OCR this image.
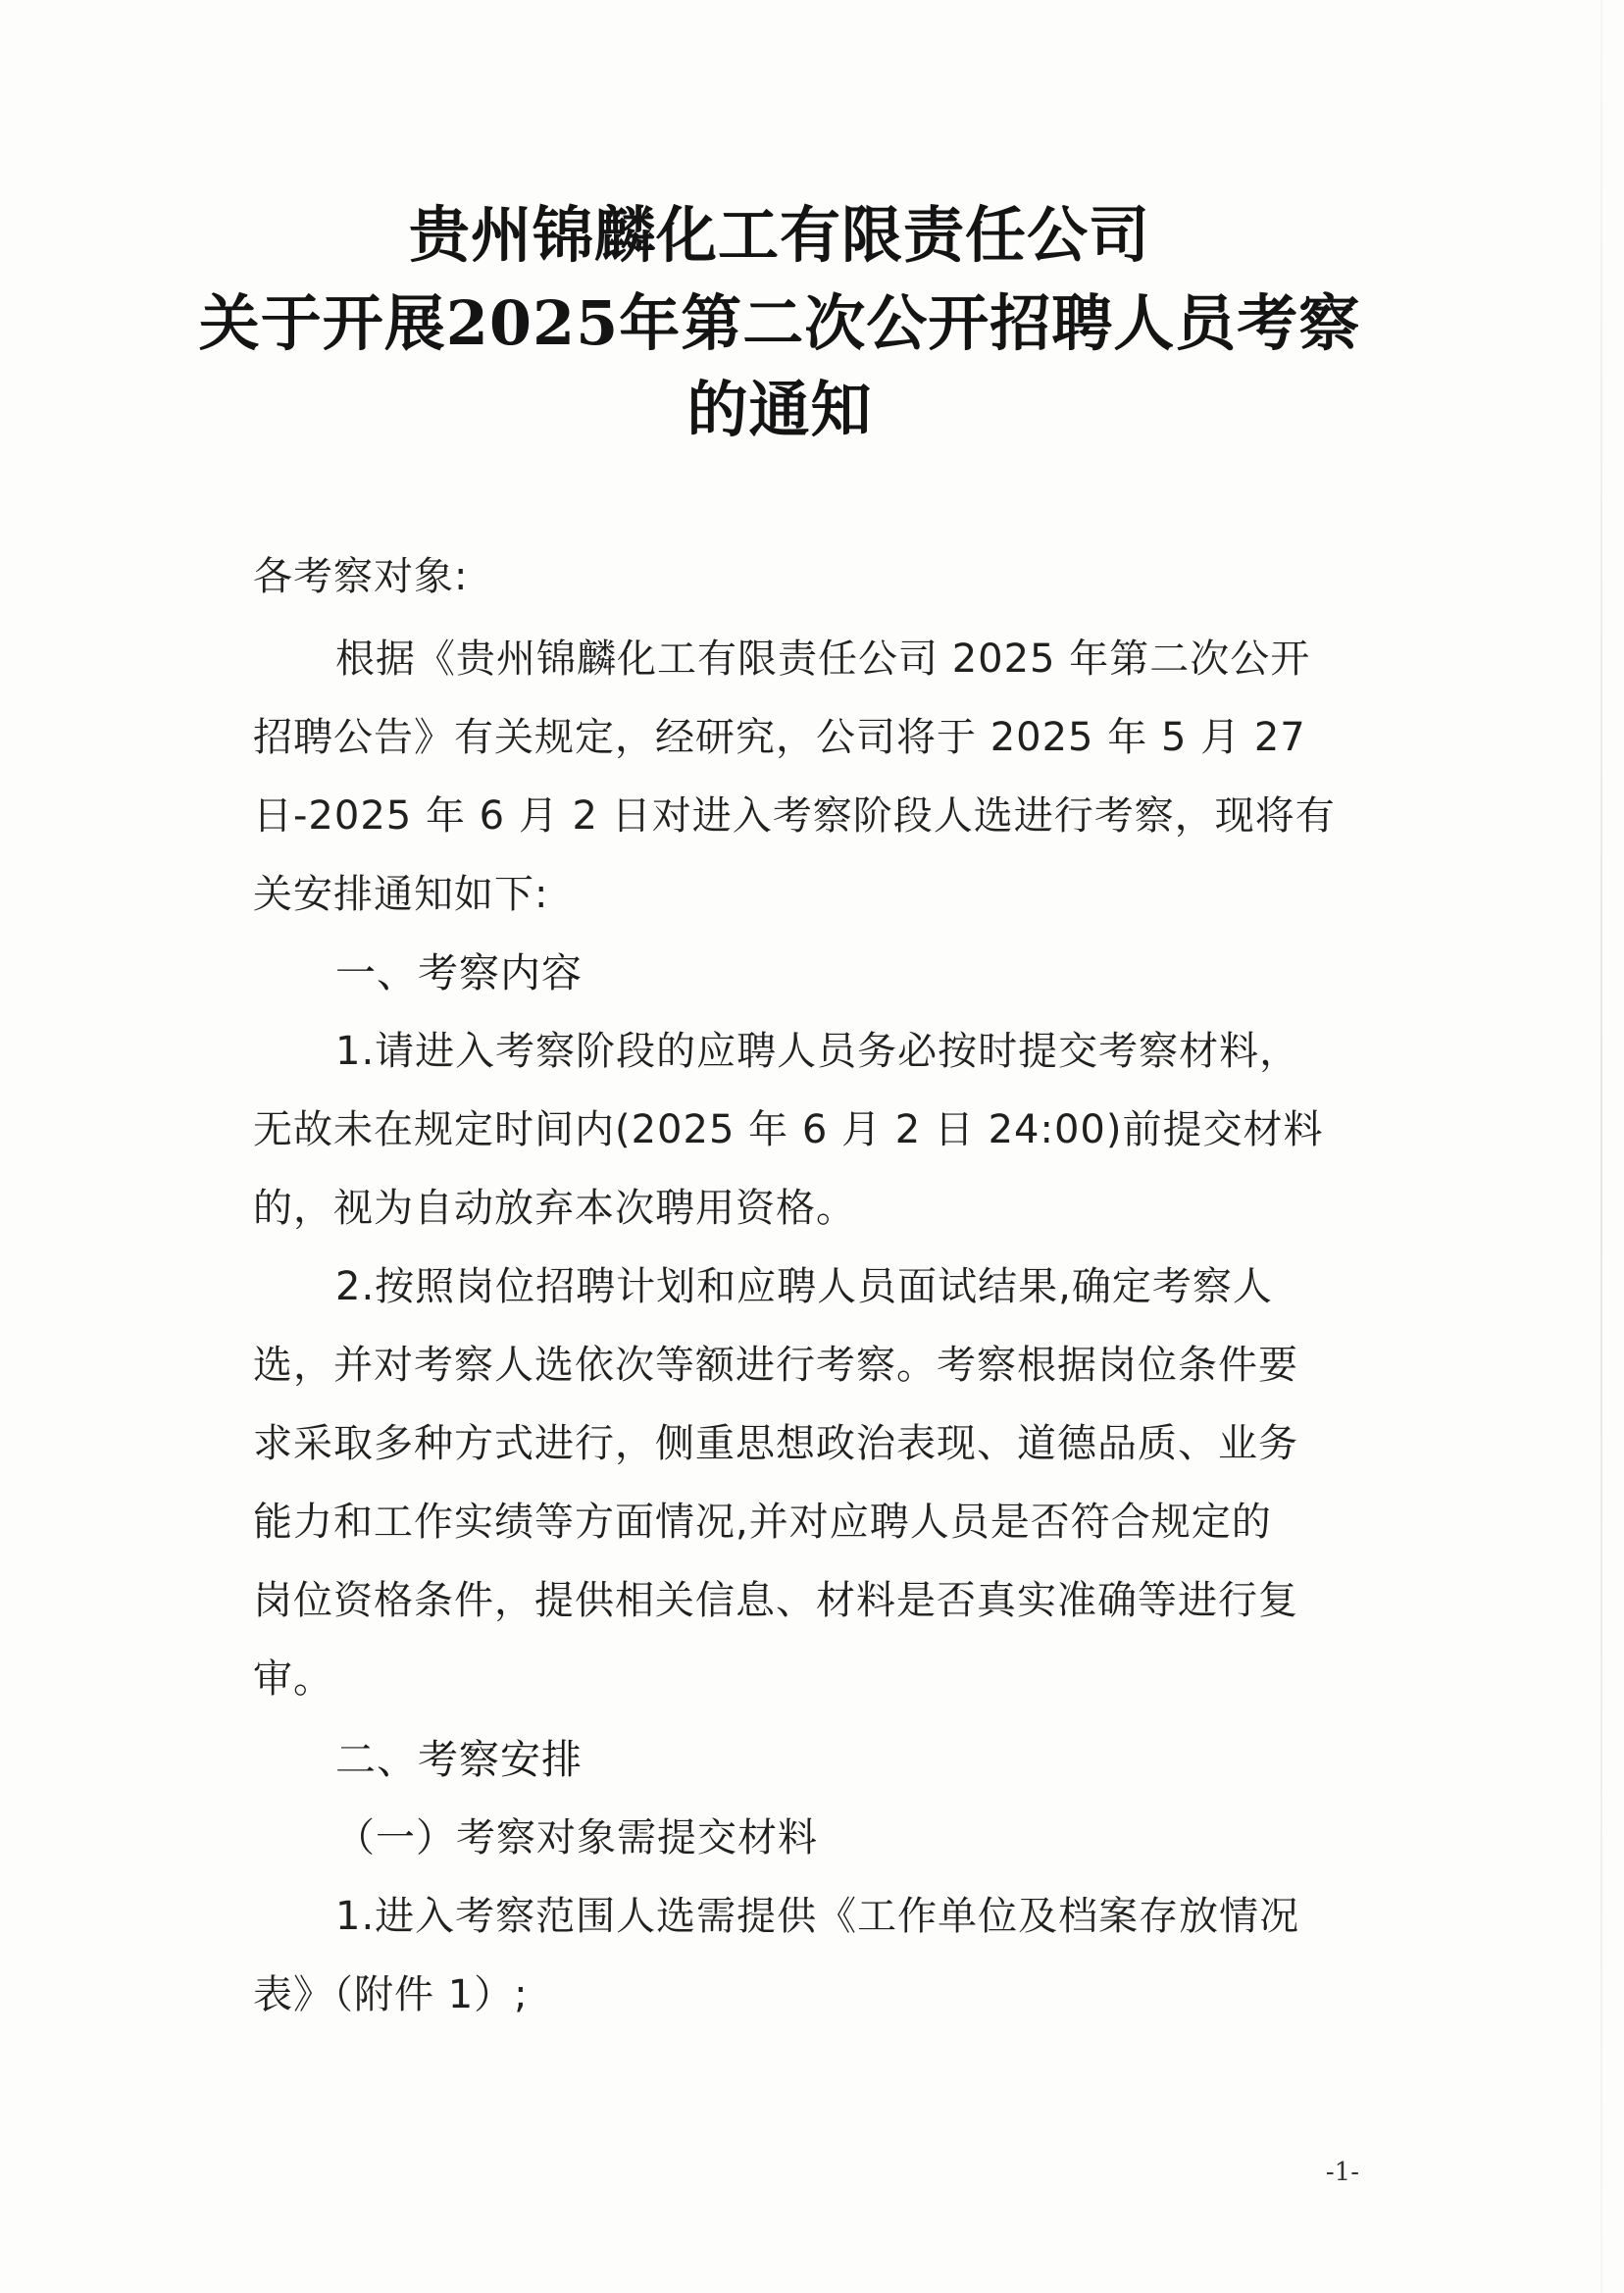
贵州锦麟化工有限责任公司
关于开展2025年第二次公开招聘人员考察
的通知

各考察对象:

根据《贵州锦麟化工有限责任公司 2025 年第二次公开

招聘公告》有关规定，经研究，公司将于 2025 年 5 月 27

日-2025 年 6 月 2 日对进入考察阶段人选进行考察，现将有

关安排通知如下:

一、考察内容

1.请进入考察阶段的应聘人员务必按时提交考察材料，

无故未在规定时间内(2025 年 6 月 2 日 24:00)前提交材料

的，视为自动放弃本次聘用资格。

2.按照岗位招聘计划和应聘人员面试结果,确定考察人

选，并对考察人选依次等额进行考察。考察根据岗位条件要

求采取多种方式进行，侧重思想政治表现、道德品质、业务

能力和工作实绩等方面情况,并对应聘人员是否符合规定的

岗位资格条件，提供相关信息、材料是否真实准确等进行复

审。

二、考察安排

（一）考察对象需提交材料

1.进入考察范围人选需提供《工作单位及档案存放情况

表》（附件 1）;

-1-
